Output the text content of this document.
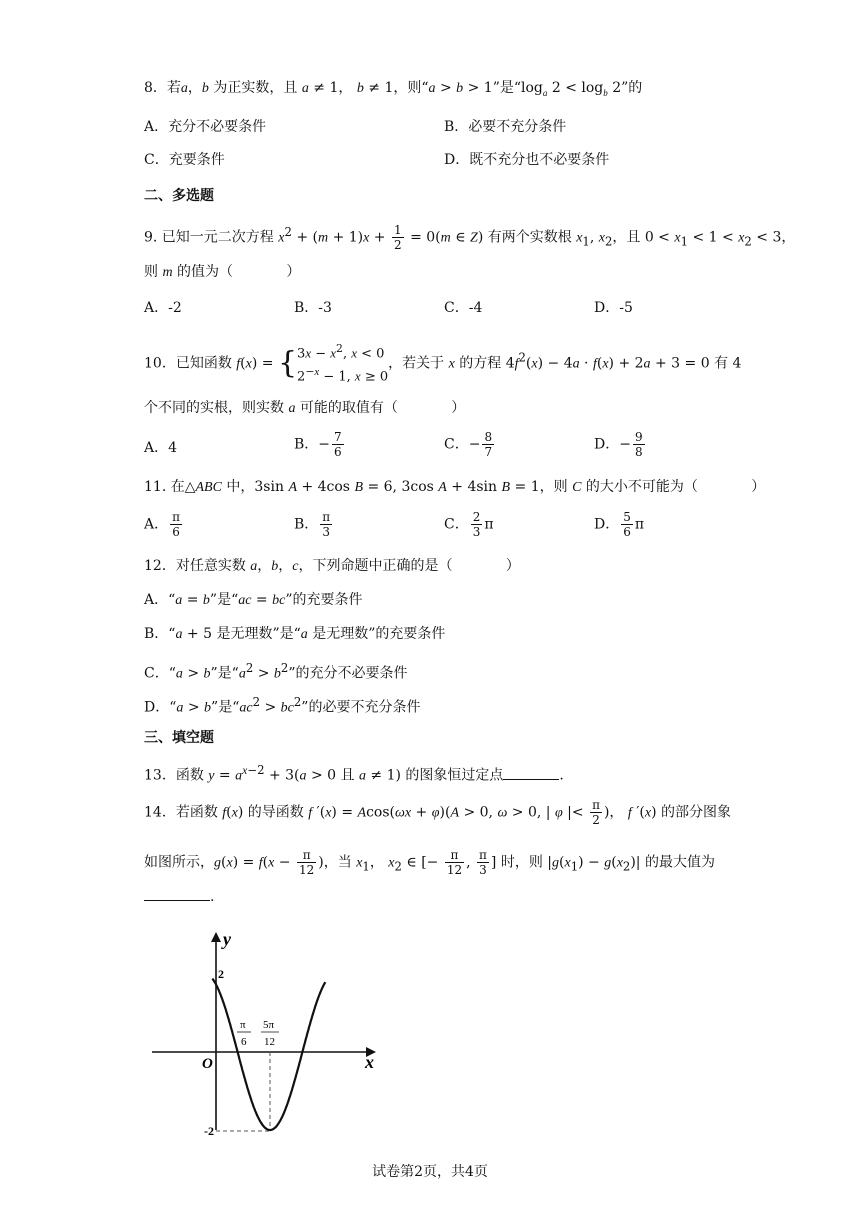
8．若a，b 为正实数，且 a ≠ 1， b ≠ 1，则“a > b > 1”是“$\log_a$ $2 < \log_b 2$”的
A．充分不必要条件	B．必要不充分条件
C．充要条件	D．既不充分也不必要条件
二、多选题
9. 已知一元二次方程 $x^2 + (m + 1)x + \frac{1}{2} = 0(m$ ∈ Z) 有两个实数根 $x_1$, $x_2$，且 $0 < x_1 < 1 < x_2 < 3$，
则 m 的值为（            ）
A．-2	B．-3	C．-4	D．-5
10．已知函数 f(x) = { $3x - x^2$, x < 0
$2^{-x} - 1$, x ≥ 0
，若关于 x 的方程 $4f^2(x) - 4a \cdot f(x) + 2a + 3 = 0$ 有 4
个不同的实根，则实数 a 可能的取值有（            ）
A．4	B．− $\frac{7}{6}$	C．− $\frac{8}{7}$	D．− $\frac{9}{8}$
11. 在△ABC 中，3sin A + 4cos B = 6, 3cos A + 4sin B = 1，则 C 的大小不可能为（            ）
A． $\frac{\pi}{6}$	B． $\frac{\pi}{3}$	C． $\frac{2}{3}$ π	D． $\frac{5}{6}$ π
12．对任意实数 a，b，c，下列命题中正确的是（            ）
A．“a = b”是“ac = bc”的充要条件
B．“a + 5 是无理数”是“a 是无理数”的充要条件
C．“a > b”是“$a^2 > b^2$”的充分不必要条件
D．“a > b”是“$ac^2 > bc^2$”的必要不充分条件
三、填空题
13．函数 $y = a^{x-2} + 3(a > 0$ 且 a ≠ 1) 的图象恒过定点	.
14．若函数 f(x) 的导函数 f ′(x) = Acos(ωx + φ)(A > 0, ω > 0, | φ |< $\frac{\pi}{2}$ )， f ′(x) 的部分图象
如图所示，$g(x) = f(x - \frac{\pi}{12}$ )，当 $x_1$， $x_2$ ∈ [− $\frac{\pi}{12}$ , $\frac{\pi}{3}$ ] 时，则 $|g(x_1) - g(x_2)|$ 的最大值为
.
x
y
O
2
-2
π
6
5π
12
试卷第2页，共4页
